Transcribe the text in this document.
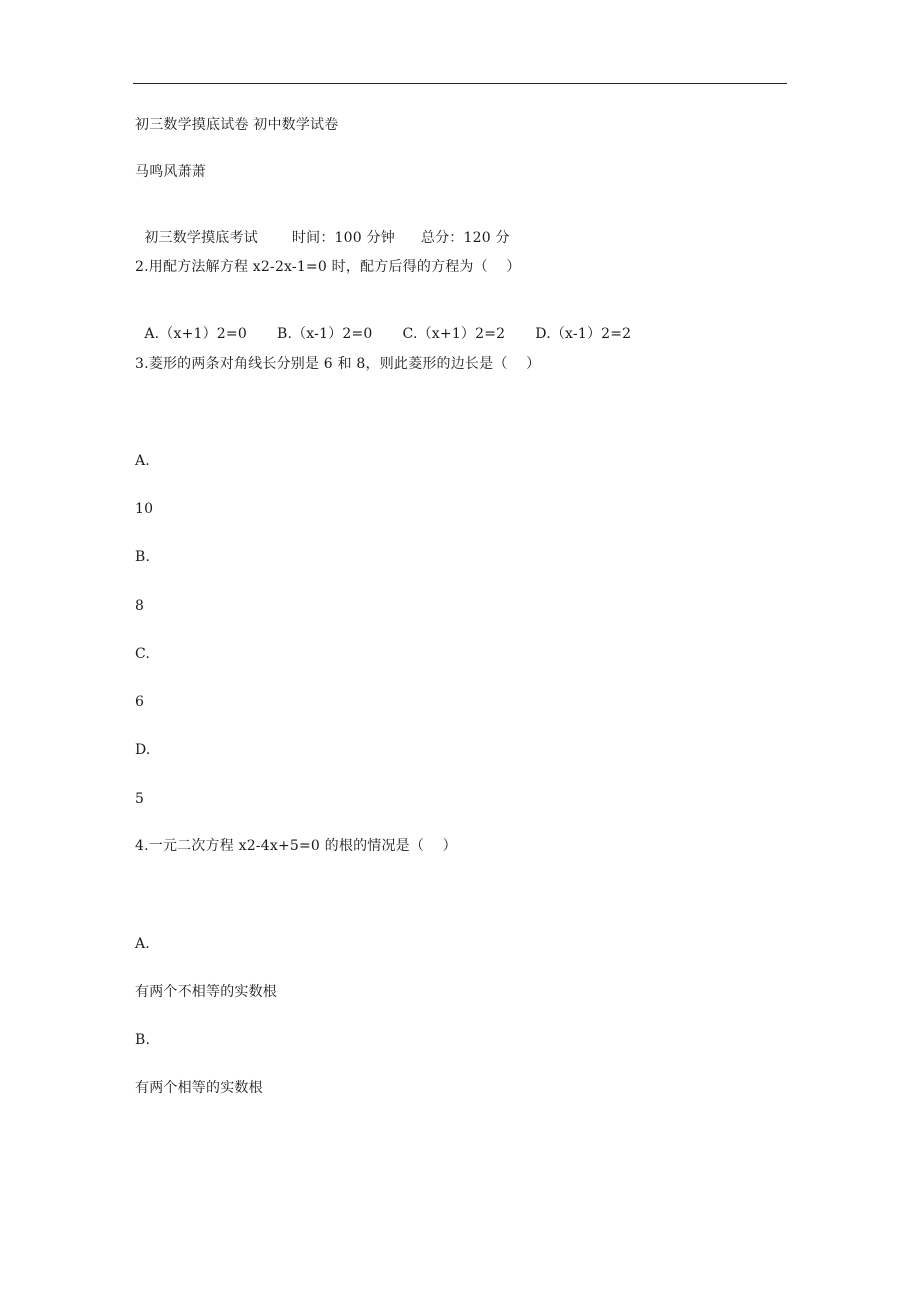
初三数学摸底试卷 初中数学试卷
马鸣风萧萧

初三数学摸底考试 时间：100 分钟 总分：120 分

2.用配方法解方程 x2-2x-1=0 时，配方后得的方程为（    ）

A.（x+1）2=0 B.（x-1）2=0 C.（x+1）2=2 D.（x-1）2=2

3.菱形的两条对角线长分别是 6 和 8，则此菱形的边长是（    ）
A.
10
B.
8
C.
6
D.
5
4.一元二次方程 x2-4x+5=0 的根的情况是（    ）
A.
有两个不相等的实数根
B.
有两个相等的实数根
